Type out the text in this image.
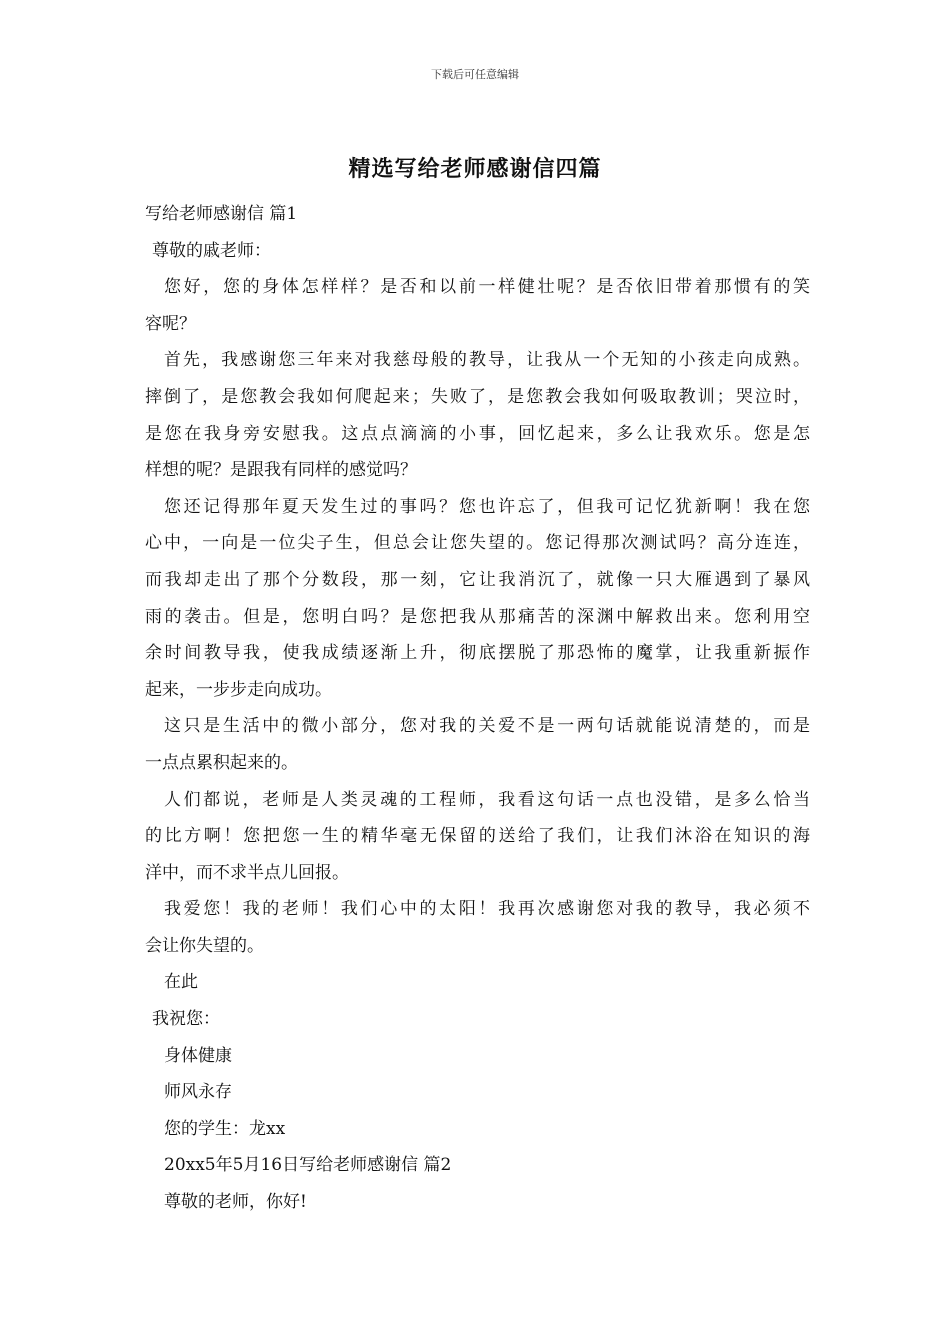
下载后可任意编辑
精选写给老师感谢信四篇
写给老师感谢信 篇1
尊敬的戚老师：
您好，您的身体怎样样？是否和以前一样健壮呢？是否依旧带着那惯有的笑
容呢？
首先，我感谢您三年来对我慈母般的教导，让我从一个无知的小孩走向成熟。
摔倒了，是您教会我如何爬起来；失败了，是您教会我如何吸取教训；哭泣时，
是您在我身旁安慰我。这点点滴滴的小事，回忆起来，多么让我欢乐。您是怎
样想的呢？是跟我有同样的感觉吗？
您还记得那年夏天发生过的事吗？您也许忘了，但我可记忆犹新啊！我在您
心中，一向是一位尖子生，但总会让您失望的。您记得那次测试吗？高分连连，
而我却走出了那个分数段，那一刻，它让我消沉了，就像一只大雁遇到了暴风
雨的袭击。但是，您明白吗？是您把我从那痛苦的深渊中解救出来。您利用空
余时间教导我，使我成绩逐渐上升，彻底摆脱了那恐怖的魔掌，让我重新振作
起来，一步步走向成功。
这只是生活中的微小部分，您对我的关爱不是一两句话就能说清楚的，而是
一点点累积起来的。
人们都说，老师是人类灵魂的工程师，我看这句话一点也没错，是多么恰当
的比方啊！您把您一生的精华毫无保留的送给了我们，让我们沐浴在知识的海
洋中，而不求半点儿回报。
我爱您！我的老师！我们心中的太阳！我再次感谢您对我的教导，我必须不
会让你失望的。
在此
我祝您：
身体健康
师风永存
您的学生：龙xx
20xx5年5月16日写给老师感谢信 篇2
尊敬的老师，你好!
